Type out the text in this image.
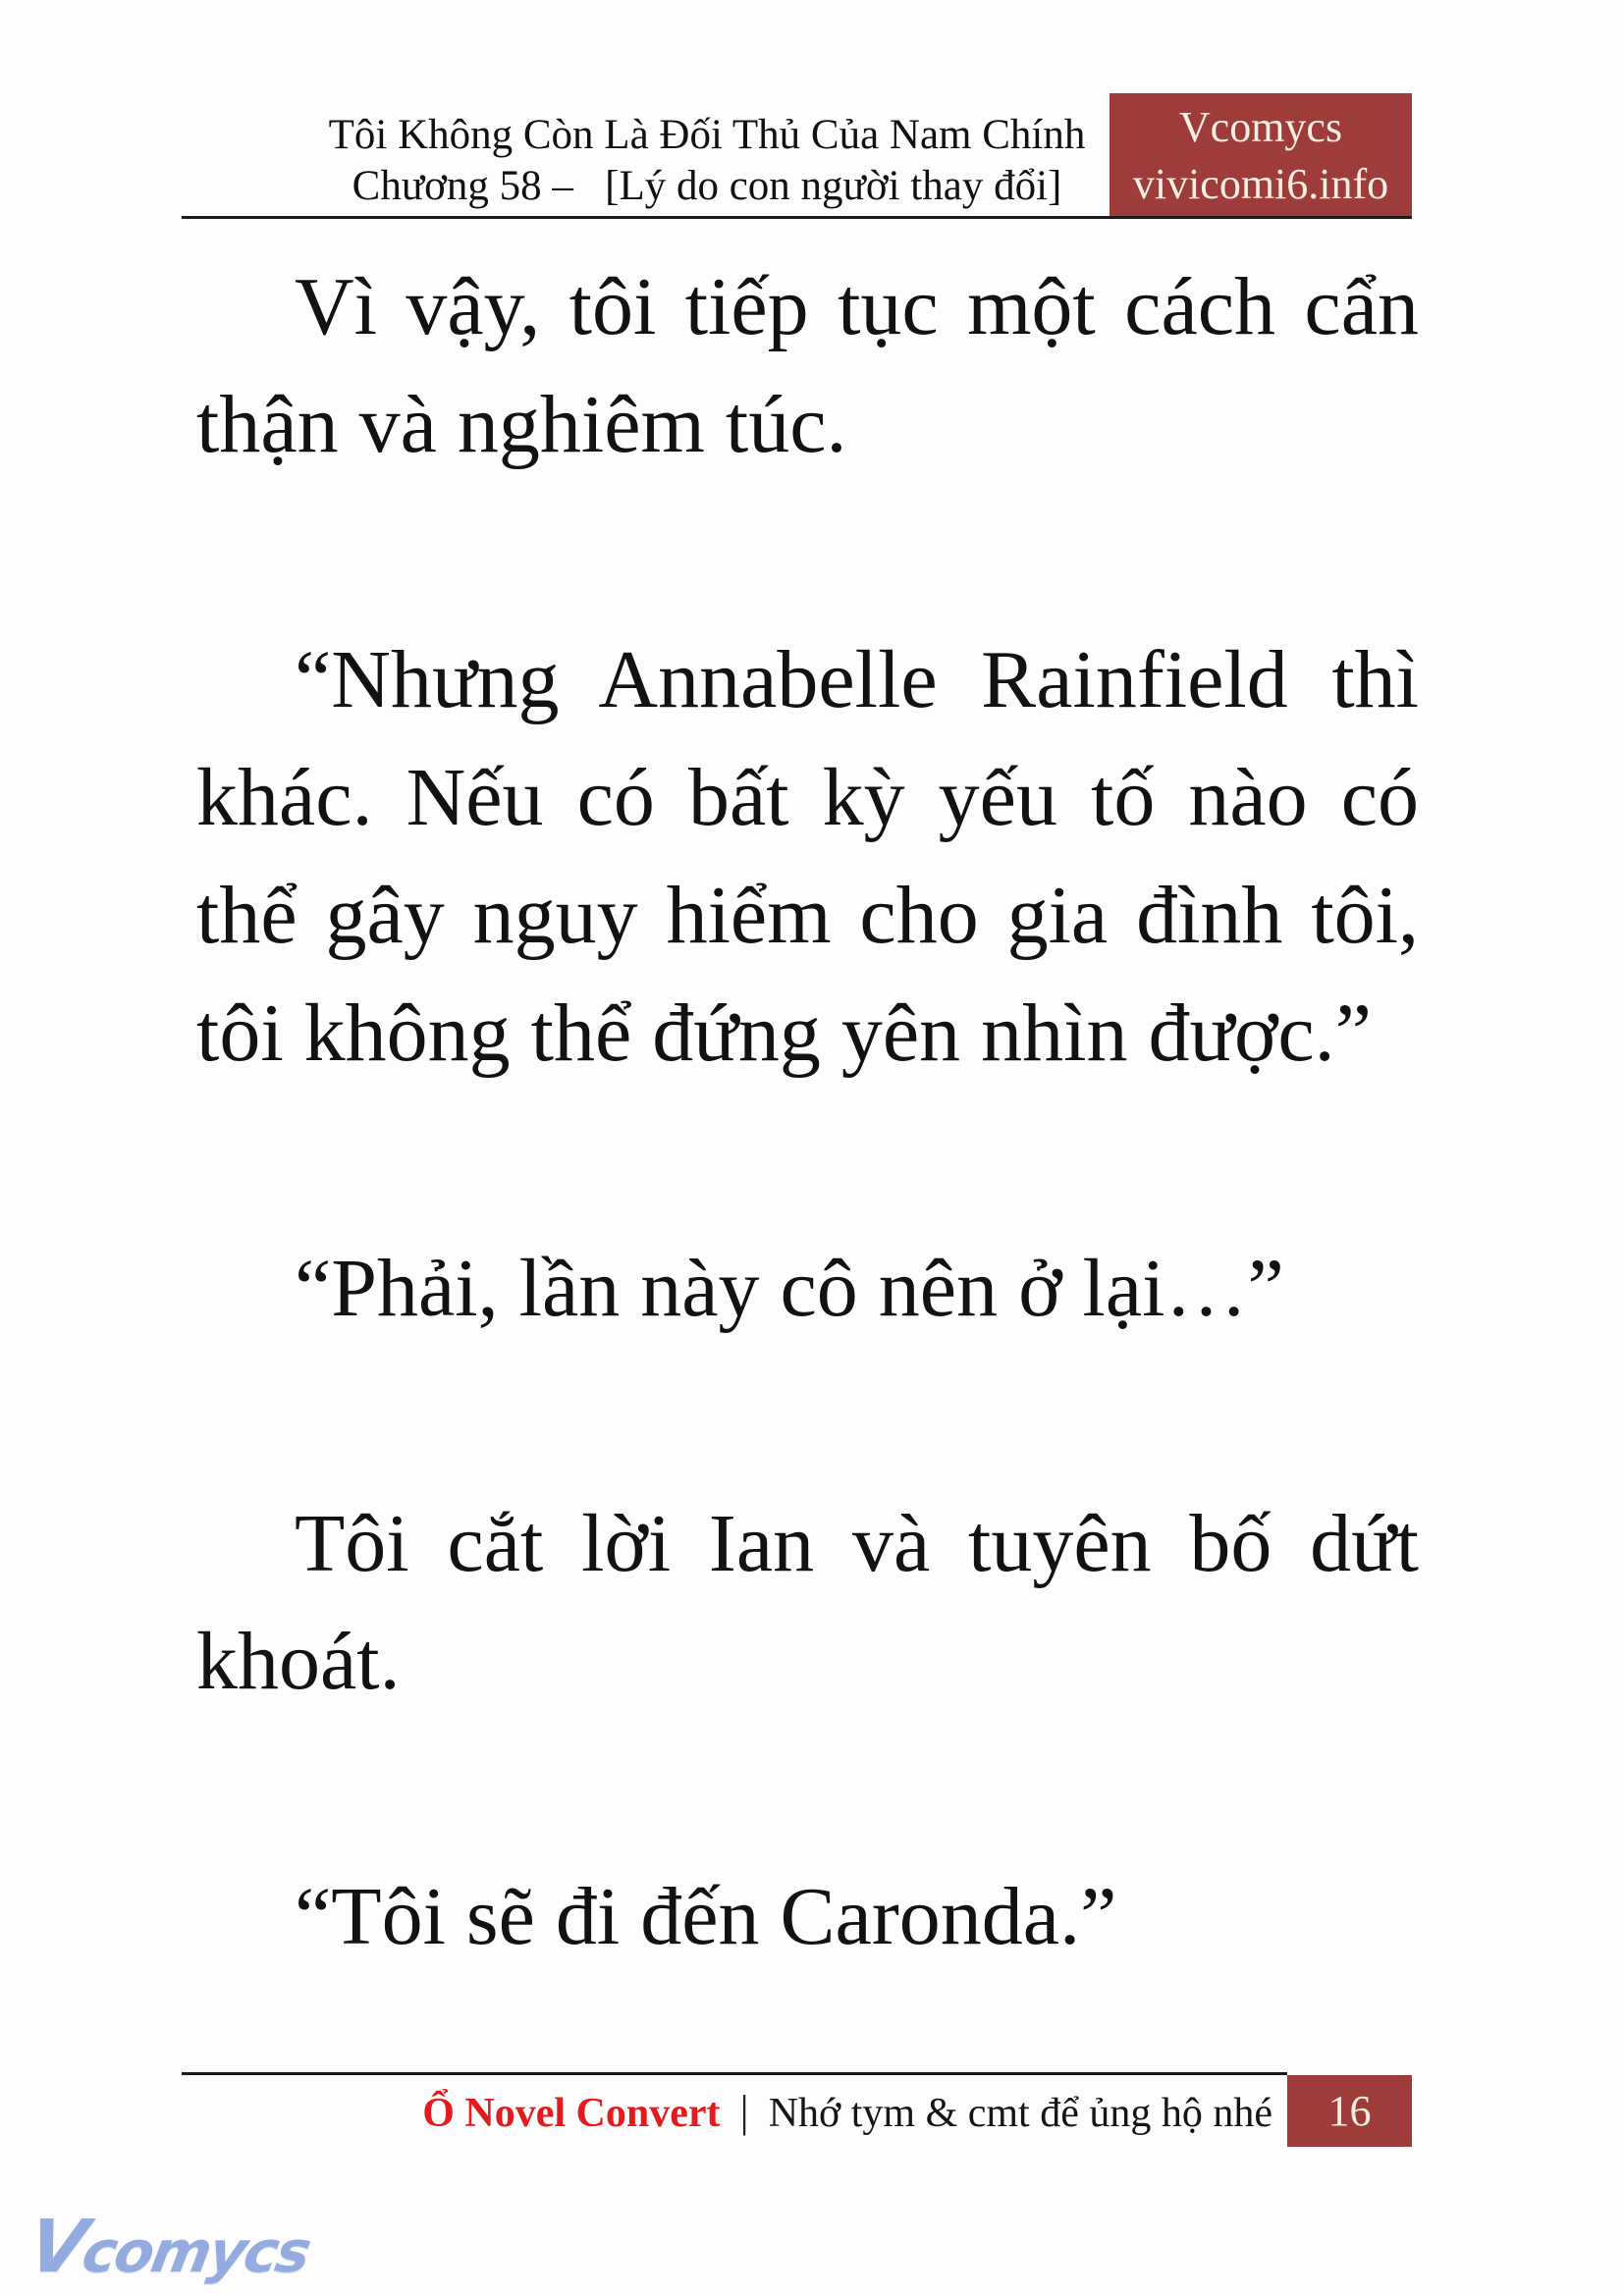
Tôi Không Còn Là Đối Thủ Của Nam Chính
Chương 58 –  [Lý do con người thay đổi]
Vcomycs
vivicomi6.info

Vì vậy, tôi tiếp tục một cách cẩn thận và nghiêm túc.

“Nhưng Annabelle Rainfield thì khác. Nếu có bất kỳ yếu tố nào có thể gây nguy hiểm cho gia đình tôi, tôi không thể đứng yên nhìn được.”

“Phải, lần này cô nên ở lại…”

Tôi cắt lời Ian và tuyên bố dứt khoát.

“Tôi sẽ đi đến Caronda.”

Ổ Novel Convert | Nhớ tym & cmt để ủng hộ nhé 16
Vcomycs
